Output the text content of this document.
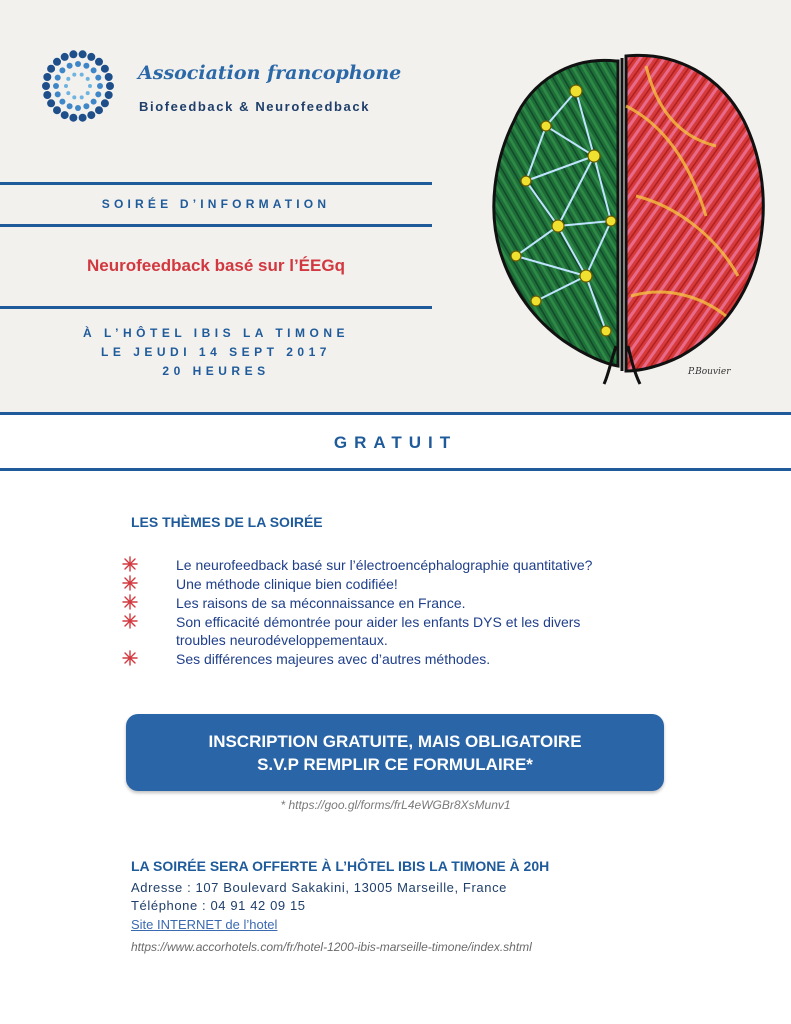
Association francophone
Biofeedback & Neurofeedback
SOIRÉE D’INFORMATION
Neurofeedback basé sur l’ÉEGq
À L’HÔTEL IBIS LA TIMONE
LE JEUDI 14 SEPT 2017
20 HEURES	P.Bouvier
GRATUIT
LES THÈMES DE LA SOIRÉE
Le neurofeedback basé sur l’électroencéphalographie quantitative?
Une méthode clinique bien codifiée!
Les raisons de sa méconnaissance en France.
Son efficacité démontrée pour aider les enfants DYS et les divers
troubles neurodéveloppementaux.
Ses différences majeures avec d’autres méthodes.
INSCRIPTION GRATUITE, MAIS OBLIGATOIRE
S.V.P REMPLIR CE FORMULAIRE*
* https://goo.gl/forms/frL4eWGBr8XsMunv1
LA SOIRÉE SERA OFFERTE À L’HÔTEL IBIS LA TIMONE À 20H
Adresse : 107 Boulevard Sakakini, 13005 Marseille, France
Téléphone : 04 91 42 09 15
Site INTERNET de l’hotel
https://www.accorhotels.com/fr/hotel-1200-ibis-marseille-timone/index.shtml
